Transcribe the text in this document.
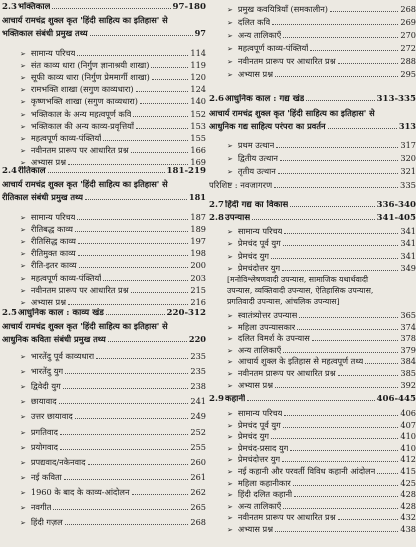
2.3 भक्तिकाल	97-180
आचार्य रामचंद्र शुक्ल कृत 'हिंदी साहित्य का इतिहास' से
भक्तिकाल संबंधी प्रमुख तथ्य	97
➢ सामान्य परिचय	114
➢ संत काव्य धारा (निर्गुण ज्ञानाश्रयी शाखा)	119
➢ सूफी काव्य धारा (निर्गुण प्रेममार्गी शाखा)	120
➢ रामभक्ति शाखा (सगुण काव्यधारा)	124
➢ कृष्णभक्ति शाखा (सगुण काव्यधारा)	140
➢ भक्तिकाल के अन्य महत्वपूर्ण कवि	152
➢ भक्तिकाल की अन्य काव्य-प्रवृत्तियाँ	153
➢ महत्वपूर्ण काव्य-पंक्तियाँ	155
➢ नवीनतम प्रारूप पर आधारित प्रश्न	166
➢ अभ्यास प्रश्न	169
2.4 रीतिकाल	181-219
आचार्य रामचंद्र शुक्ल कृत 'हिंदी साहित्य का इतिहास' से
रीतिकाल संबंधी प्रमुख तथ्य	181
➢ सामान्य परिचय	187
➢ रीतिबद्ध काव्य	189
➢ रीतिसिद्ध काव्य	197
➢ रीतिमुक्त काव्य	198
➢ रीति-इतर काव्य	200
➢ महत्वपूर्ण काव्य-पंक्तियाँ	203
➢ नवीनतम प्रारूप पर आधारित प्रश्न	215
➢ अभ्यास प्रश्न	216
2.5 आधुनिक काल : काव्य खंड	220-312
आचार्य रामचंद्र शुक्ल कृत 'हिंदी साहित्य का इतिहास' से
आधुनिक कविता संबंधी प्रमुख तथ्य	220
➢ भारतेंदु पूर्व काव्यधारा	235
➢ भारतेंदु युग	235
➢ द्विवेदी युग	238
➢ छायावाद	241
➢ उत्तर छायावाद	249
➢ प्रगतिवाद	252
➢ प्रयोगवाद	255
➢ प्रपद्यवाद/नकेनवाद	260
➢ नई कविता	261
➢ 1960 के बाद के काव्य-आंदोलन	262
➢ नवगीत	265
➢ हिंदी गज़ल	268
➢ प्रमुख कवयित्रियाँ (समकालीन)	268
➢ दलित कवि	269
➢ अन्य तालिकाएँ	270
➢ महत्वपूर्ण काव्य-पंक्तियाँ	272
➢ नवीनतम प्रारूप पर आधारित प्रश्न	288
➢ अभ्यास प्रश्न	295
2.6 आधुनिक काल : गद्य खंड	313-335
आचार्य रामचंद्र शुक्ल कृत 'हिंदी साहित्य का इतिहास' से
आधुनिक गद्य साहित्य परंपरा का प्रवर्तन	313
➢ प्रथम उत्थान	317
➢ द्वितीय उत्थान	320
➢ तृतीय उत्थान	321
परिशिष्ट : नवजागरण	335
2.7 हिंदी गद्य का विकास	336-340
2.8 उपन्यास	341-405
➢ सामान्य परिचय	341
➢ प्रेमचंद पूर्व युग	341
➢ प्रेमचंद युग	341
➢ प्रेमचंदोत्तर युग	349
[मनोविश्लेषणवादी उपन्यास, सामाजिक यथार्थवादी
उपन्यास, व्यक्तिवादी उपन्यास, ऐतिहासिक उपन्यास,
प्रगतिवादी उपन्यास, आंचलिक उपन्यास]
➢ स्वातंत्र्योत्तर उपन्यास	365
➢ महिला उपन्यासकार	374
➢ दलित विमर्श के उपन्यास	378
➢ अन्य तालिकाएँ	379
➢ आचार्य शुक्ल के इतिहास से महत्वपूर्ण तथ्य	384
➢ नवीनतम प्रारूप पर आधारित प्रश्न	385
➢ अभ्यास प्रश्न	392
2.9 कहानी	406-445
➢ सामान्य परिचय	406
➢ प्रेमचंद पूर्व युग	407
➢ प्रेमचंद युग	410
➢ प्रेमचंद-प्रसाद युग	410
➢ प्रेमचंदोत्तर युग	412
➢ नई कहानी और परवर्ती विविध कहानी आंदोलन	415
➢ महिला कहानीकार	425
➢ हिंदी दलित कहानी	428
➢ अन्य तालिकाएँ	428
➢ नवीनतम प्रारूप पर आधारित प्रश्न	432
➢ अभ्यास प्रश्न	438
